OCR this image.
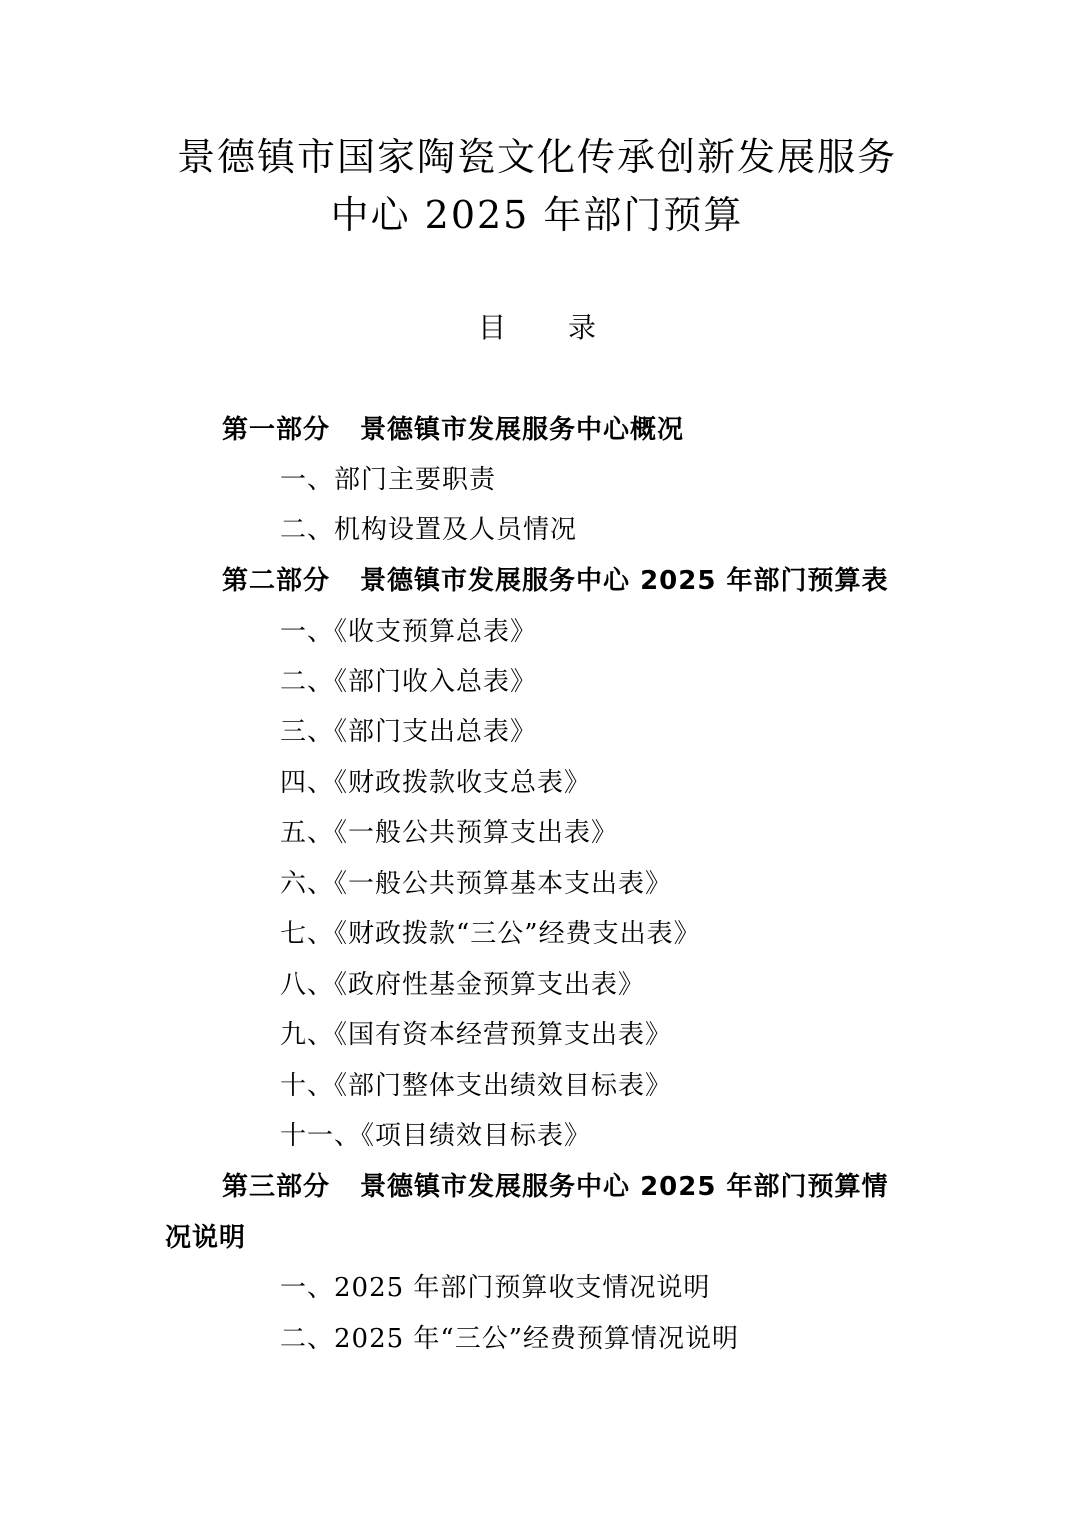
景德镇市国家陶瓷文化传承创新发展服务
中心 2025 年部门预算
目 录
第一部分 景德镇市发展服务中心概况
一、部门主要职责
二、机构设置及人员情况
第二部分 景德镇市发展服务中心 2025 年部门预算表
一、《收支预算总表》
二、《部门收入总表》
三、《部门支出总表》
四、《财政拨款收支总表》
五、《一般公共预算支出表》
六、《一般公共预算基本支出表》
七、《财政拨款“三公”经费支出表》
八、《政府性基金预算支出表》
九、《国有资本经营预算支出表》
十、《部门整体支出绩效目标表》
十一、《项目绩效目标表》
第三部分 景德镇市发展服务中心 2025 年部门预算情
况说明
一、2025 年部门预算收支情况说明
二、2025 年“三公”经费预算情况说明
